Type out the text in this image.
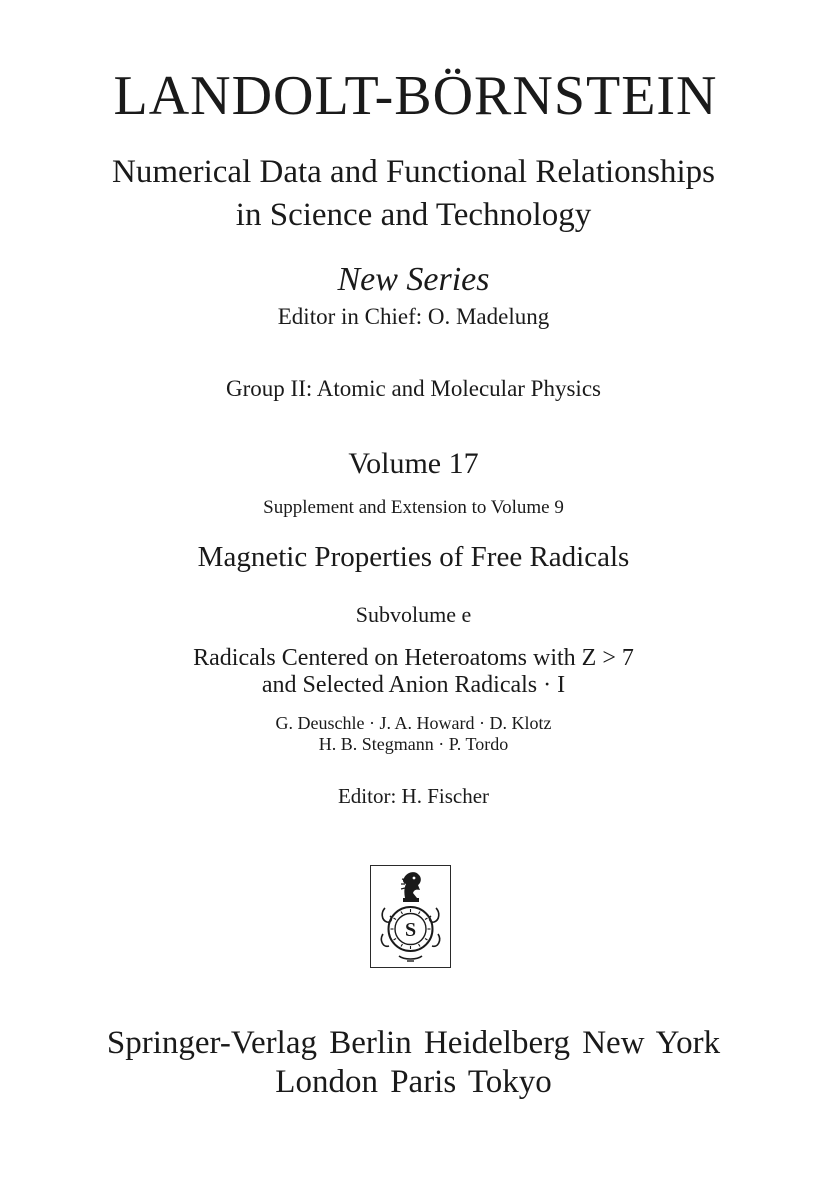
LANDOLT-BÖRNSTEIN
Numerical Data and Functional Relationships
in Science and Technology
New Series
Editor in Chief: O. Madelung
Group II: Atomic and Molecular Physics
Volume 17
Supplement and Extension to Volume 9
Magnetic Properties of Free Radicals
Subvolume e
Radicals Centered on Heteroatoms with Z > 7
and Selected Anion Radicals · I
G. Deuschle · J. A. Howard · D. Klotz
H. B. Stegmann · P. Tordo
Editor: H. Fischer
S
Springer-Verlag Berlin Heidelberg New York
London Paris Tokyo
